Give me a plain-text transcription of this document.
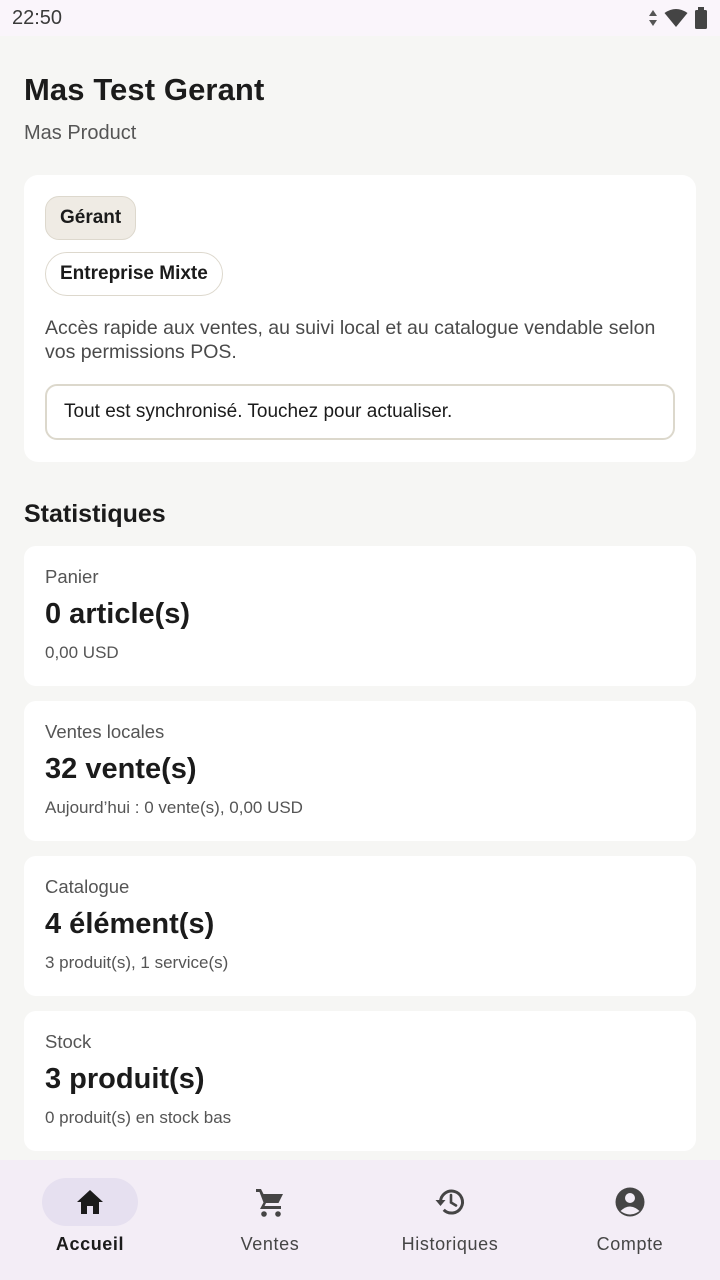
22:50
Mas Test Gerant
Mas Product
Gérant
Entreprise Mixte

Accès rapide aux ventes, au suivi local et au catalogue vendable selon vos permissions POS.

Tout est synchronisé. Touchez pour actualiser.
Statistiques
Panier
0 article(s)
0,00 USD
Ventes locales
32 vente(s)
Aujourd’hui : 0 vente(s), 0,00 USD
Catalogue
4 élément(s)
3 produit(s), 1 service(s)
Stock
3 produit(s)
0 produit(s) en stock bas
Accueil	Ventes	Historiques	Compte
